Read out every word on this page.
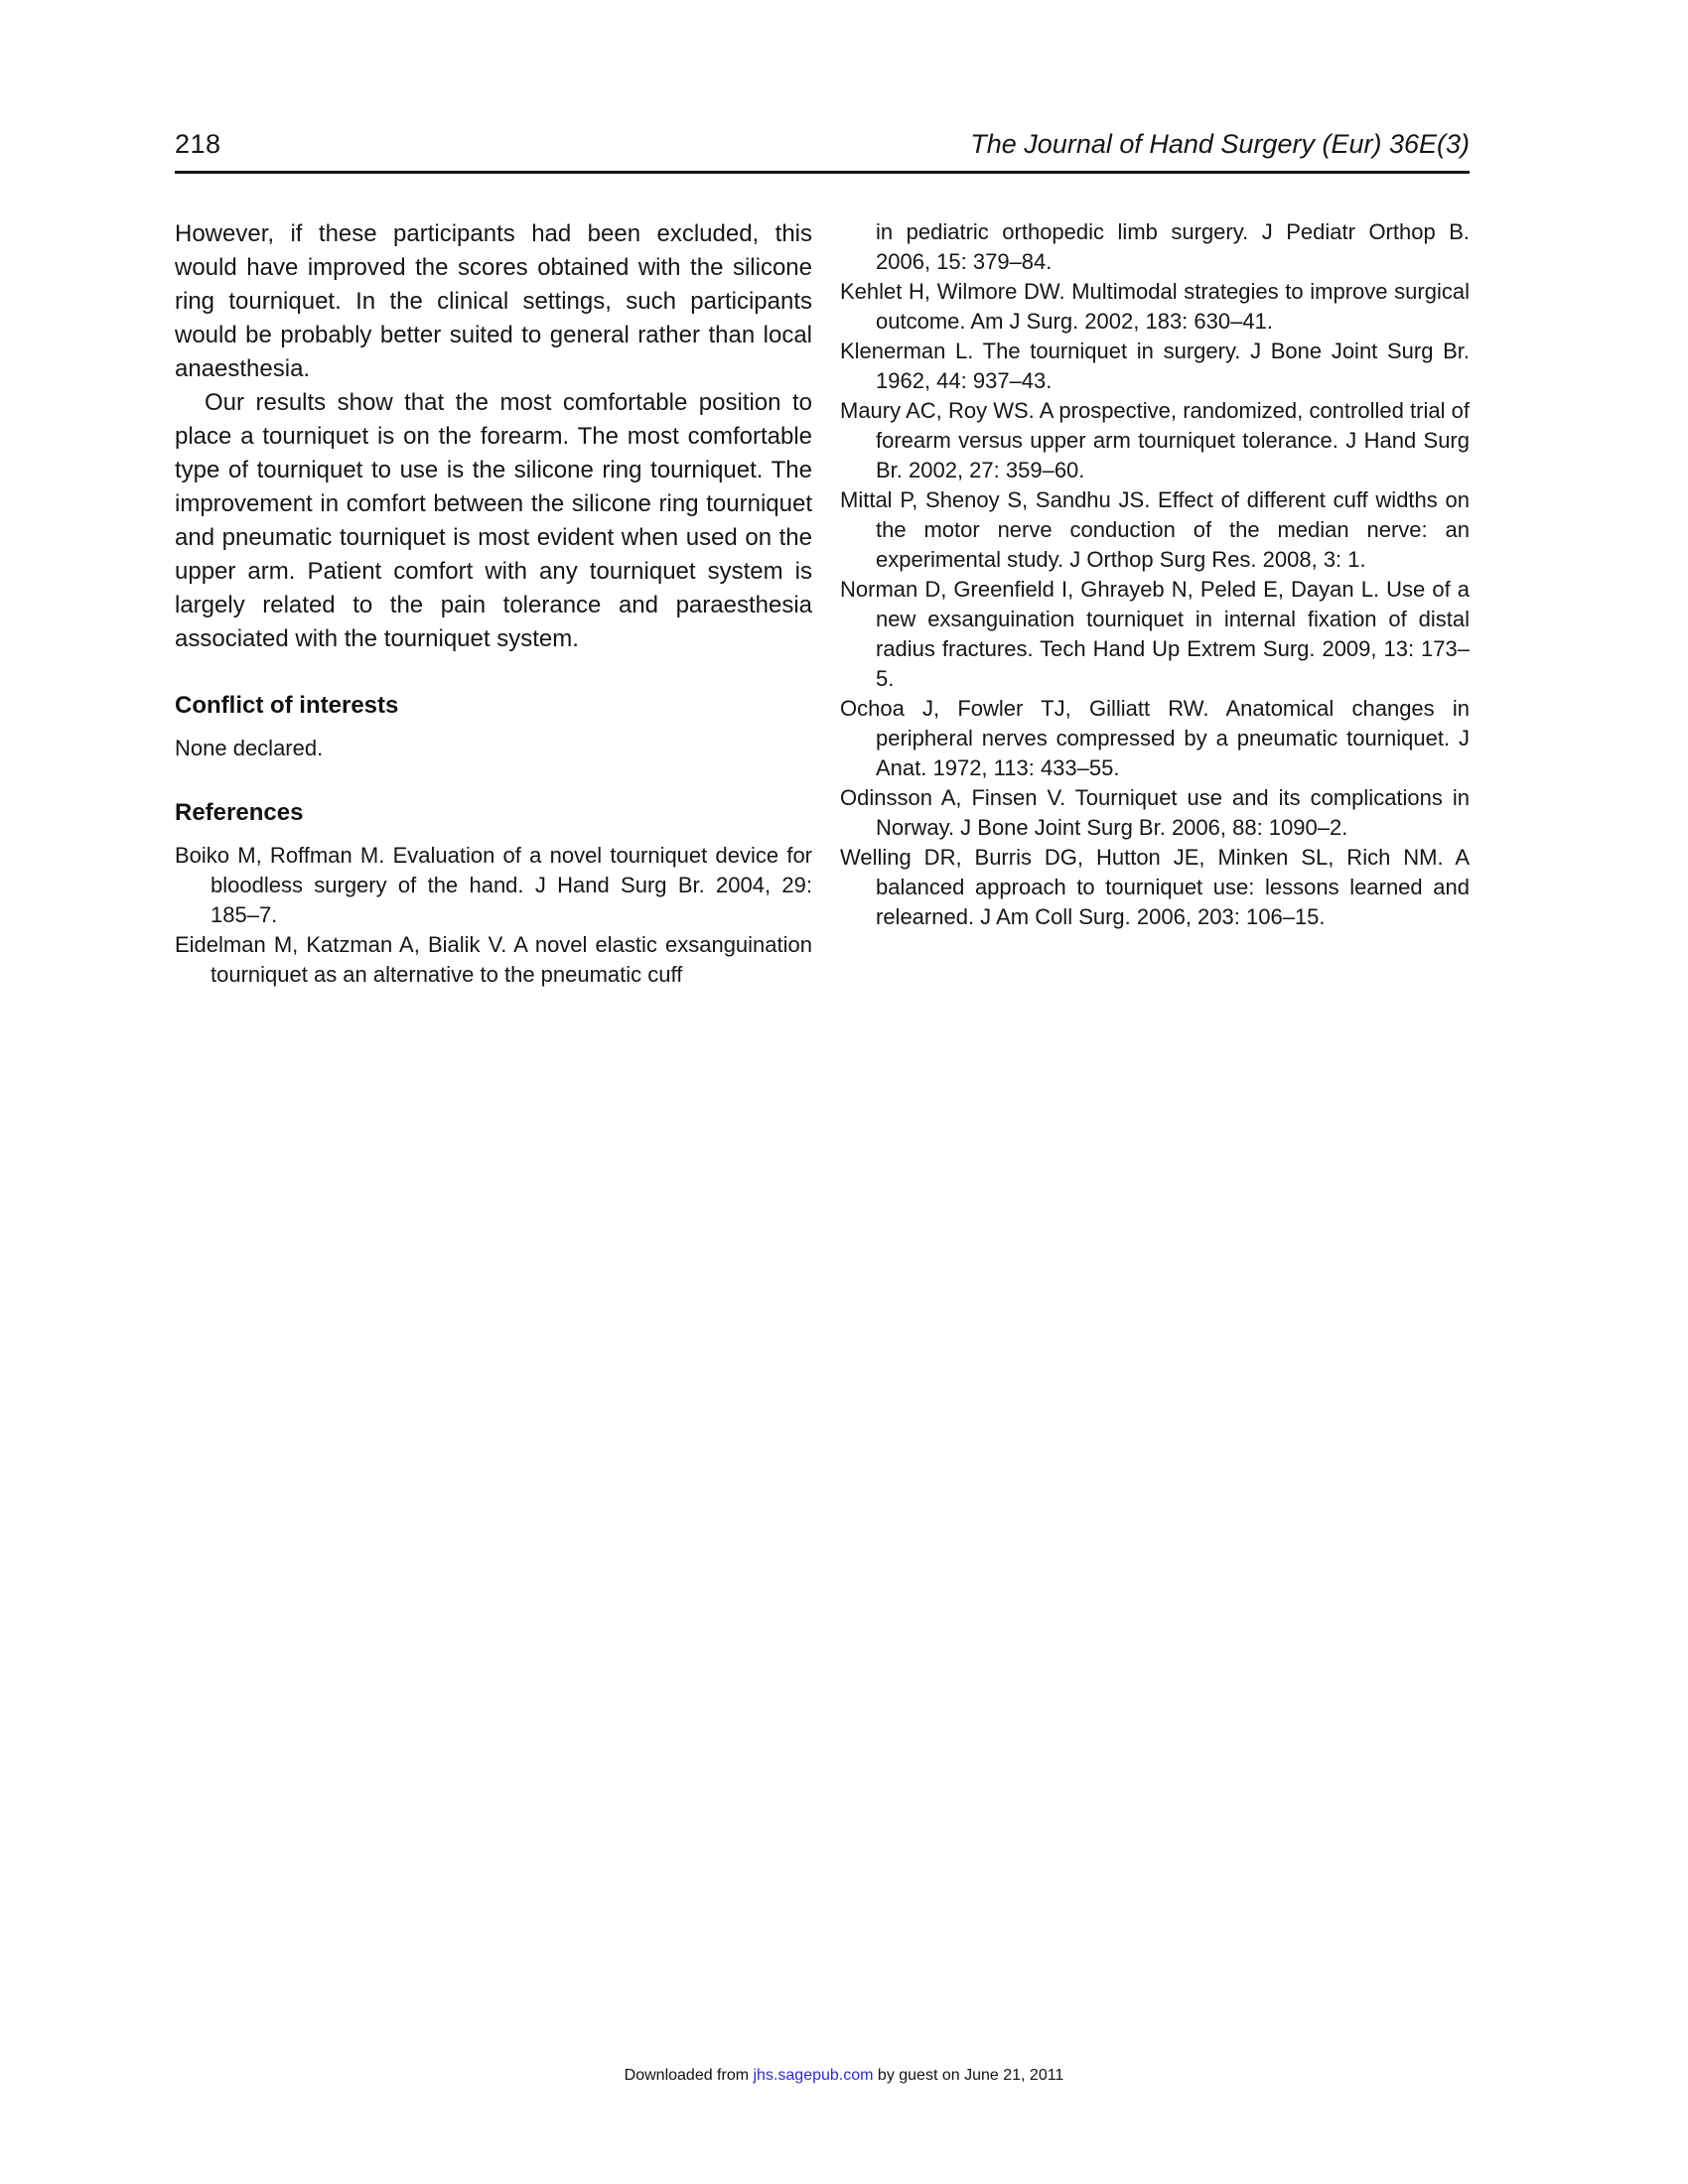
218	The Journal of Hand Surgery (Eur) 36E(3)

However, if these participants had been excluded, this would have improved the scores obtained with the silicone ring tourniquet. In the clinical settings, such participants would be probably better suited to general rather than local anaesthesia.

Our results show that the most comfortable position to place a tourniquet is on the forearm. The most comfortable type of tourniquet to use is the silicone ring tourniquet. The improvement in comfort between the silicone ring tourniquet and pneumatic tourniquet is most evident when used on the upper arm. Patient comfort with any tourniquet system is largely related to the pain tolerance and paraesthesia associated with the tourniquet system.

Conflict of interests

None declared.

References
Boiko M, Roffman M. Evaluation of a novel tourniquet device for bloodless surgery of the hand. J Hand Surg Br. 2004, 29: 185–7.
Eidelman M, Katzman A, Bialik V. A novel elastic exsanguination tourniquet as an alternative to the pneumatic cuff
in pediatric orthopedic limb surgery. J Pediatr Orthop B. 2006, 15: 379–84.
Kehlet H, Wilmore DW. Multimodal strategies to improve surgical outcome. Am J Surg. 2002, 183: 630–41.
Klenerman L. The tourniquet in surgery. J Bone Joint Surg Br. 1962, 44: 937–43.
Maury AC, Roy WS. A prospective, randomized, controlled trial of forearm versus upper arm tourniquet tolerance. J Hand Surg Br. 2002, 27: 359–60.
Mittal P, Shenoy S, Sandhu JS. Effect of different cuff widths on the motor nerve conduction of the median nerve: an experimental study. J Orthop Surg Res. 2008, 3: 1.
Norman D, Greenfield I, Ghrayeb N, Peled E, Dayan L. Use of a new exsanguination tourniquet in internal fixation of distal radius fractures. Tech Hand Up Extrem Surg. 2009, 13: 173–5.
Ochoa J, Fowler TJ, Gilliatt RW. Anatomical changes in peripheral nerves compressed by a pneumatic tourniquet. J Anat. 1972, 113: 433–55.
Odinsson A, Finsen V. Tourniquet use and its complications in Norway. J Bone Joint Surg Br. 2006, 88: 1090–2.
Welling DR, Burris DG, Hutton JE, Minken SL, Rich NM. A balanced approach to tourniquet use: lessons learned and relearned. J Am Coll Surg. 2006, 203: 106–15.
Downloaded from jhs.sagepub.com by guest on June 21, 2011
